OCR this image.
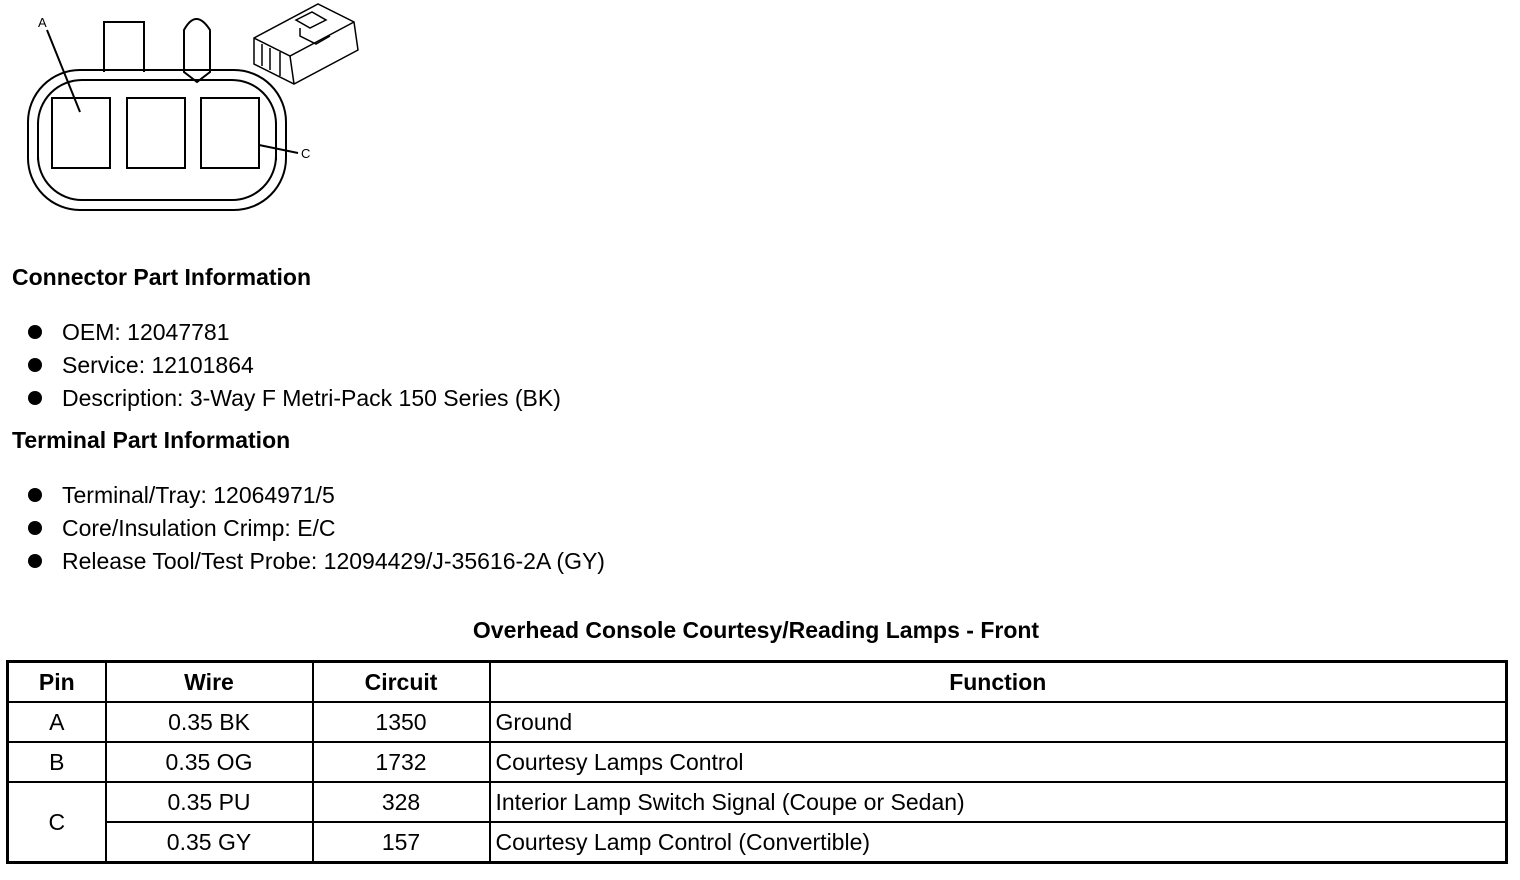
A
C
Connector Part Information
OEM: 12047781
Service: 12101864
Description: 3-Way F Metri-Pack 150 Series (BK)
Terminal Part Information
Terminal/Tray: 12064971/5
Core/Insulation Crimp: E/C
Release Tool/Test Probe: 12094429/J-35616-2A (GY)
Overhead Console Courtesy/Reading Lamps - Front
Pin	Wire	Circuit	Function
A	0.35 BK	1350	Ground
B	0.35 OG	1732	Courtesy Lamps Control
C	0.35 PU	328	Interior Lamp Switch Signal (Coupe or Sedan)
	0.35 GY	157	Courtesy Lamp Control (Convertible)
